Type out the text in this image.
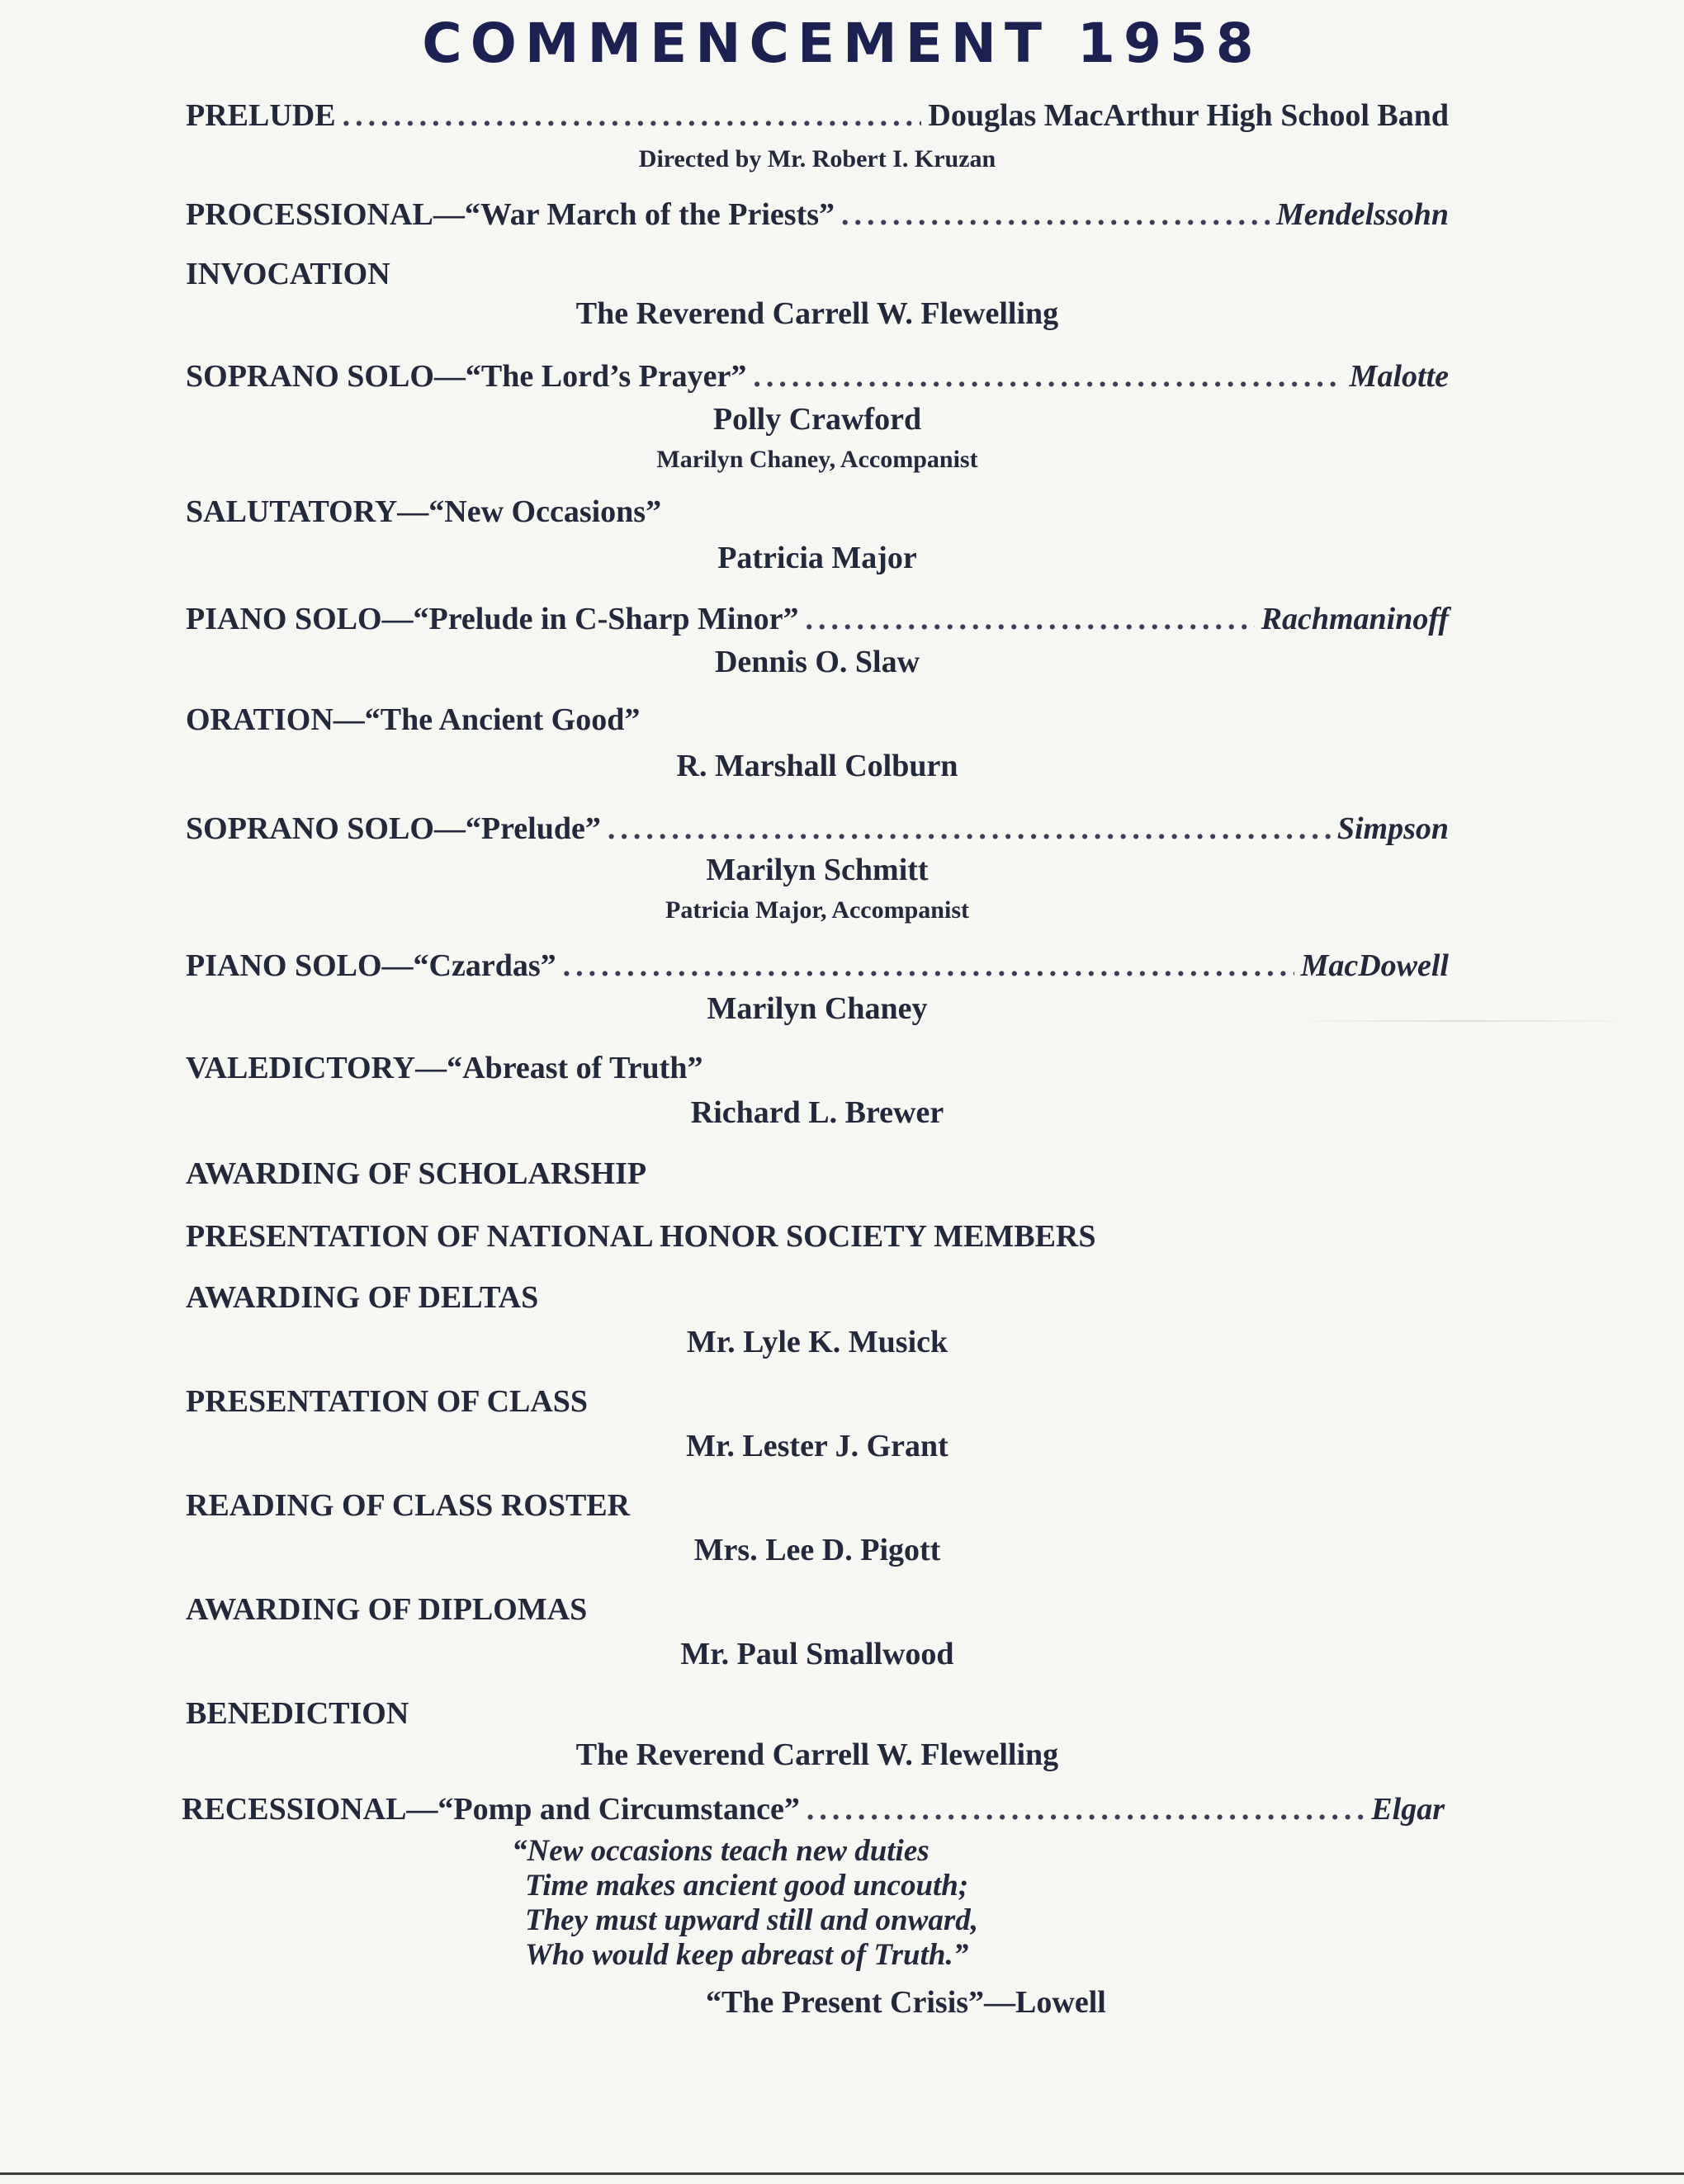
COMMENCEMENT 1958
PRELUDE .....	Douglas MacArthur High School Band
Directed by Mr. Robert I. Kruzan
PROCESSIONAL—“War March of the Priests” .....	Mendelssohn
INVOCATION
The Reverend Carrell W. Flewelling
SOPRANO SOLO—“The Lord’s Prayer” .....	Malotte
Polly Crawford
Marilyn Chaney, Accompanist
SALUTATORY—“New Occasions”
Patricia Major
PIANO SOLO—“Prelude in C-Sharp Minor” .....	Rachmaninoff
Dennis O. Slaw
ORATION—“The Ancient Good”
R. Marshall Colburn
SOPRANO SOLO—“Prelude” .....	Simpson
Marilyn Schmitt
Patricia Major, Accompanist
PIANO SOLO—“Czardas” .....	MacDowell
Marilyn Chaney
VALEDICTORY—“Abreast of Truth”
Richard L. Brewer
AWARDING OF SCHOLARSHIP
PRESENTATION OF NATIONAL HONOR SOCIETY MEMBERS
AWARDING OF DELTAS
Mr. Lyle K. Musick
PRESENTATION OF CLASS
Mr. Lester J. Grant
READING OF CLASS ROSTER
Mrs. Lee D. Pigott
AWARDING OF DIPLOMAS
Mr. Paul Smallwood
BENEDICTION
The Reverend Carrell W. Flewelling
RECESSIONAL—“Pomp and Circumstance” .....	Elgar
“New occasions teach new duties
Time makes ancient good uncouth;
They must upward still and onward,
Who would keep abreast of Truth.”
“The Present Crisis”—Lowell
